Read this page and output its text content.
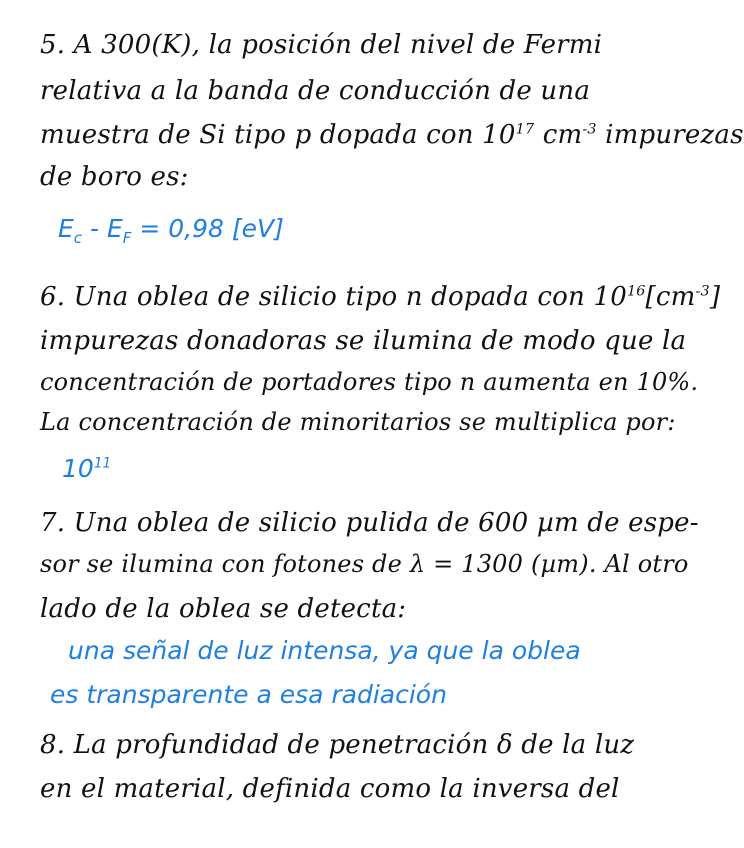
5. A 300(K), la posición del nivel de Fermi
relativa a la banda de conducción de una
muestra de Si tipo p dopada con $10^{17}$ $cm^{-3}$ impurezas
de boro es:
$E_c - E_F = 0,98$ [eV]
6. Una oblea de silicio tipo n dopada con $10^{16}[cm^{-3}]$
impurezas donadoras se ilumina de modo que la
concentración de portadores tipo n aumenta en 10%.
La concentración de minoritarios se multiplica por:
$10^{11}$
7. Una oblea de silicio pulida de 600 µm de espe-
sor se ilumina con fotones de λ = 1300 (µm). Al otro
lado de la oblea se detecta:
una señal de luz intensa, ya que la oblea
es transparente a esa radiación
8. La profundidad de penetración δ de la luz
en el material, definida como la inversa del
